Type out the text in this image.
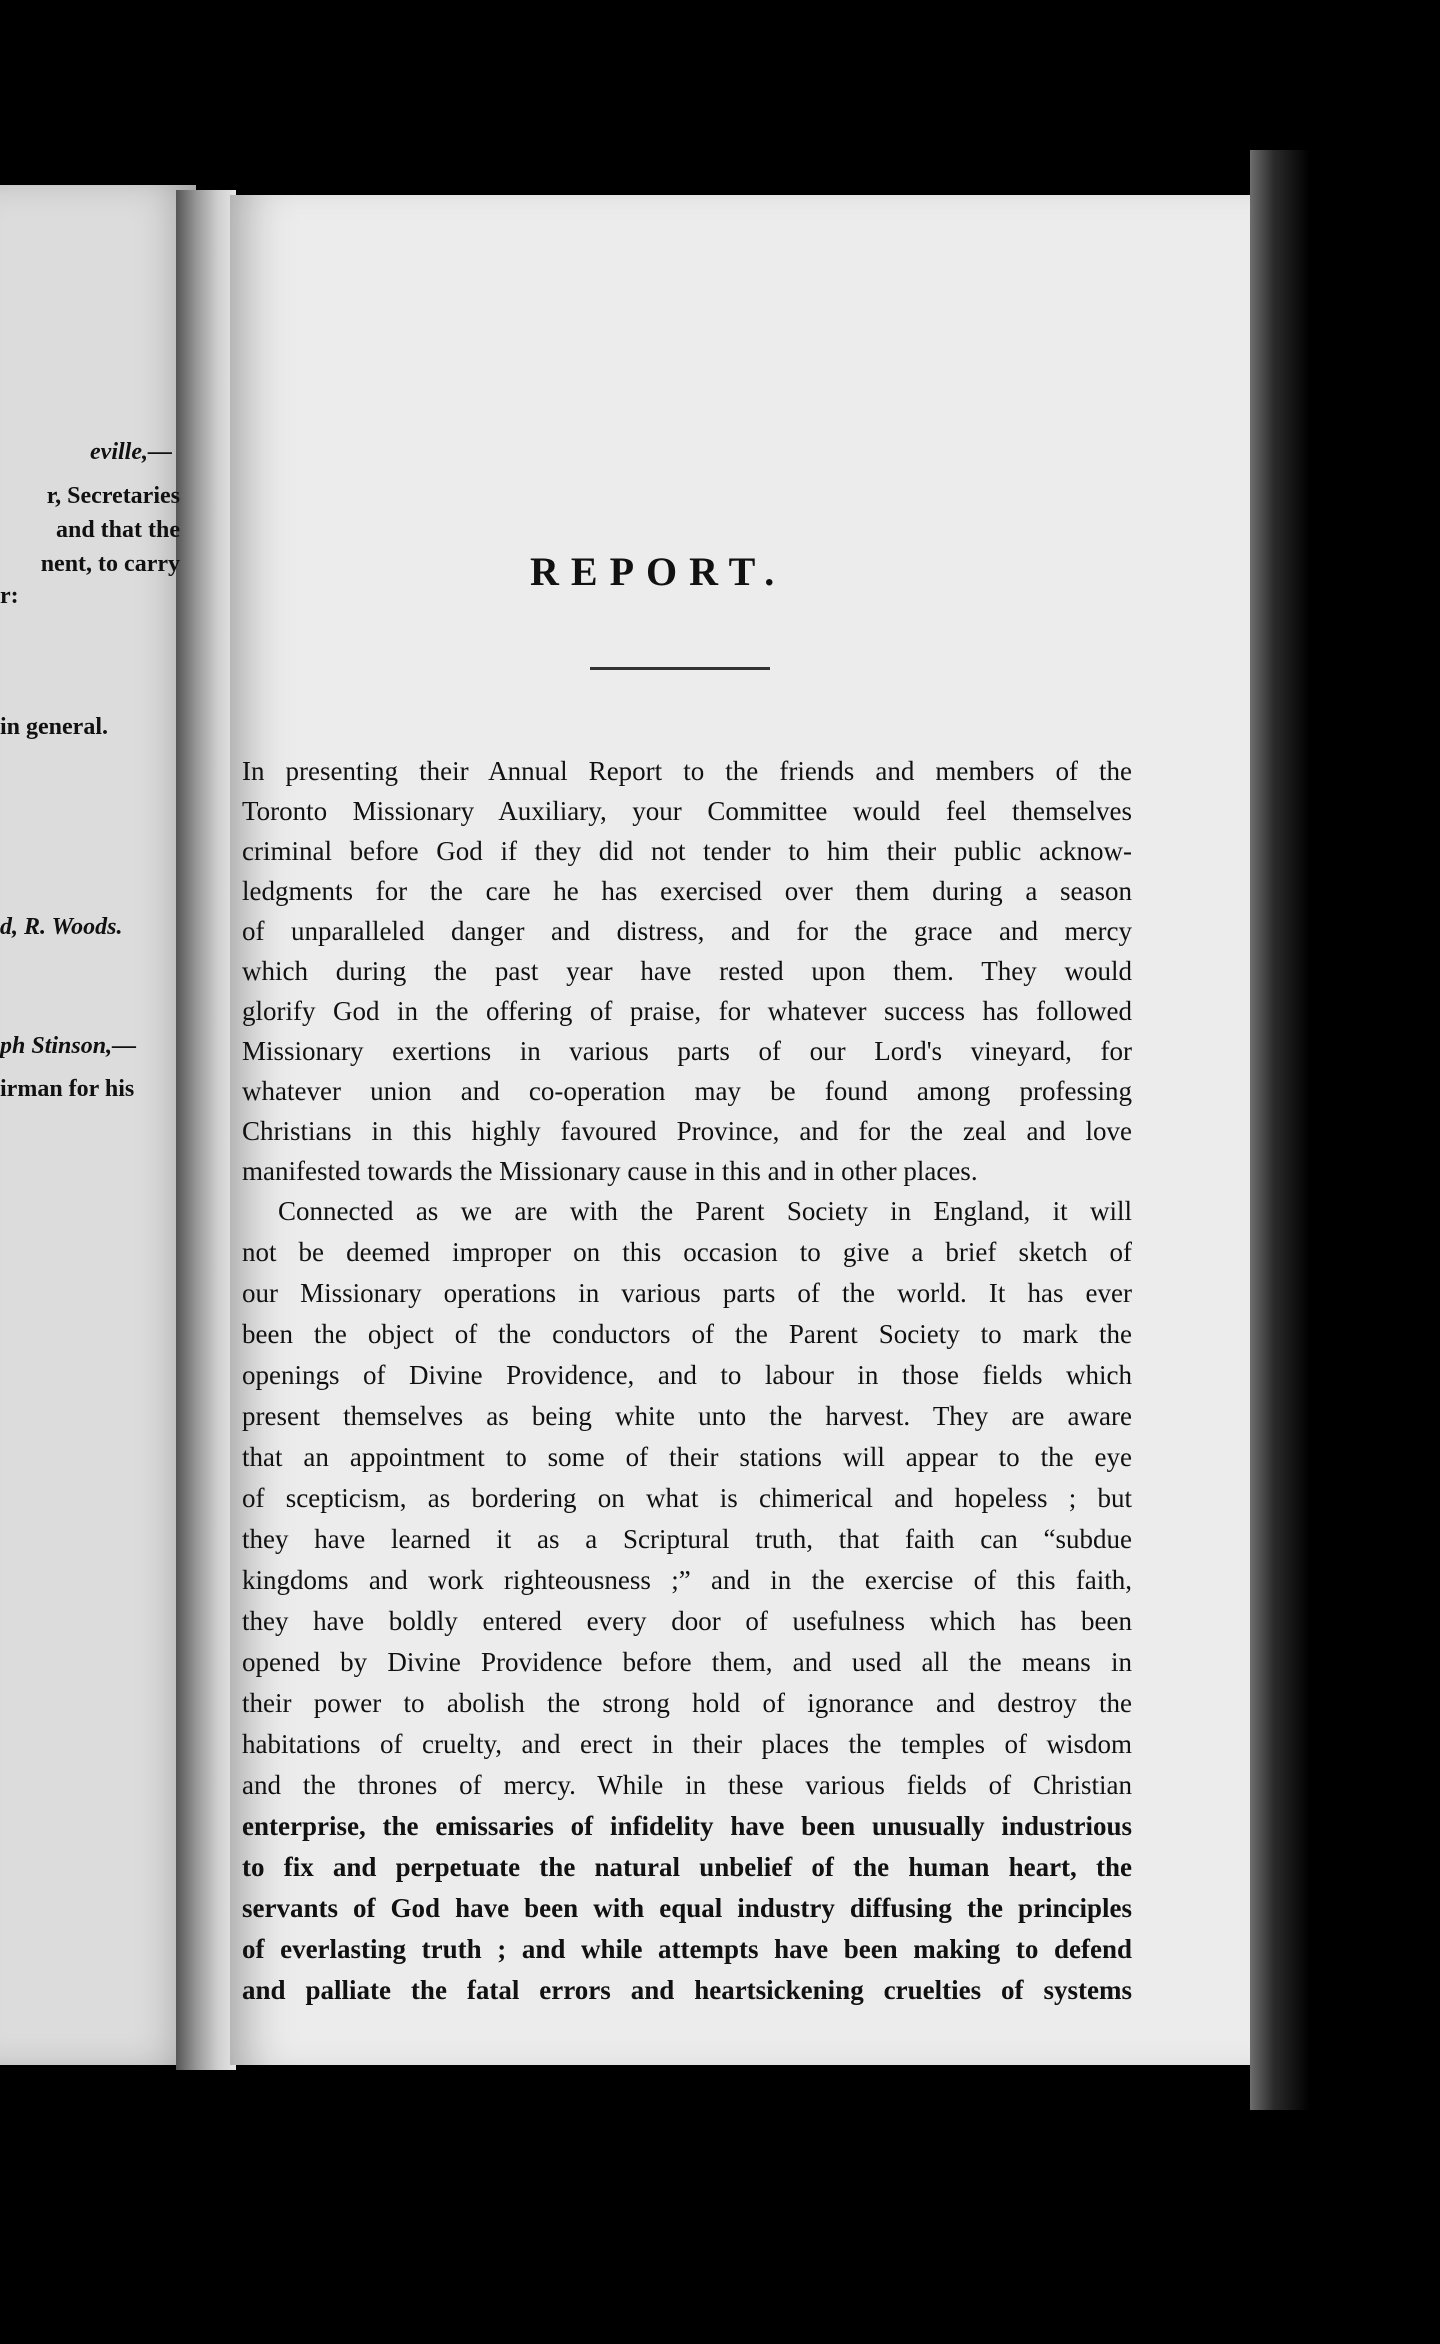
eville,—
r, Secretaries
and that the
nent, to carry
r:
in general.
d, R. Woods.
ph Stinson,—
irman for his
REPORT.
In presenting their Annual Report to the friends and members of the
Toronto Missionary Auxiliary, your Committee would feel themselves
criminal before God if they did not tender to him their public acknow-
ledgments for the care he has exercised over them during a season
of unparalleled danger and distress, and for the grace and mercy
which during the past year have rested upon them. They would
glorify God in the offering of praise, for whatever success has followed
Missionary exertions in various parts of our Lord's vineyard, for
whatever union and co-operation may be found among professing
Christians in this highly favoured Province, and for the zeal and love
manifested towards the Missionary cause in this and in other places.
Connected as we are with the Parent Society in England, it will
not be deemed improper on this occasion to give a brief sketch of
our Missionary operations in various parts of the world. It has ever
been the object of the conductors of the Parent Society to mark the
openings of Divine Providence, and to labour in those fields which
present themselves as being white unto the harvest. They are aware
that an appointment to some of their stations will appear to the eye
of scepticism, as bordering on what is chimerical and hopeless ; but
they have learned it as a Scriptural truth, that faith can “subdue
kingdoms and work righteousness ;” and in the exercise of this faith,
they have boldly entered every door of usefulness which has been
opened by Divine Providence before them, and used all the means in
their power to abolish the strong hold of ignorance and destroy the
habitations of cruelty, and erect in their places the temples of wisdom
and the thrones of mercy. While in these various fields of Christian
enterprise, the emissaries of infidelity have been unusually industrious
to fix and perpetuate the natural unbelief of the human heart, the
servants of God have been with equal industry diffusing the principles
of everlasting truth ; and while attempts have been making to defend
and palliate the fatal errors and heartsickening cruelties of systems
